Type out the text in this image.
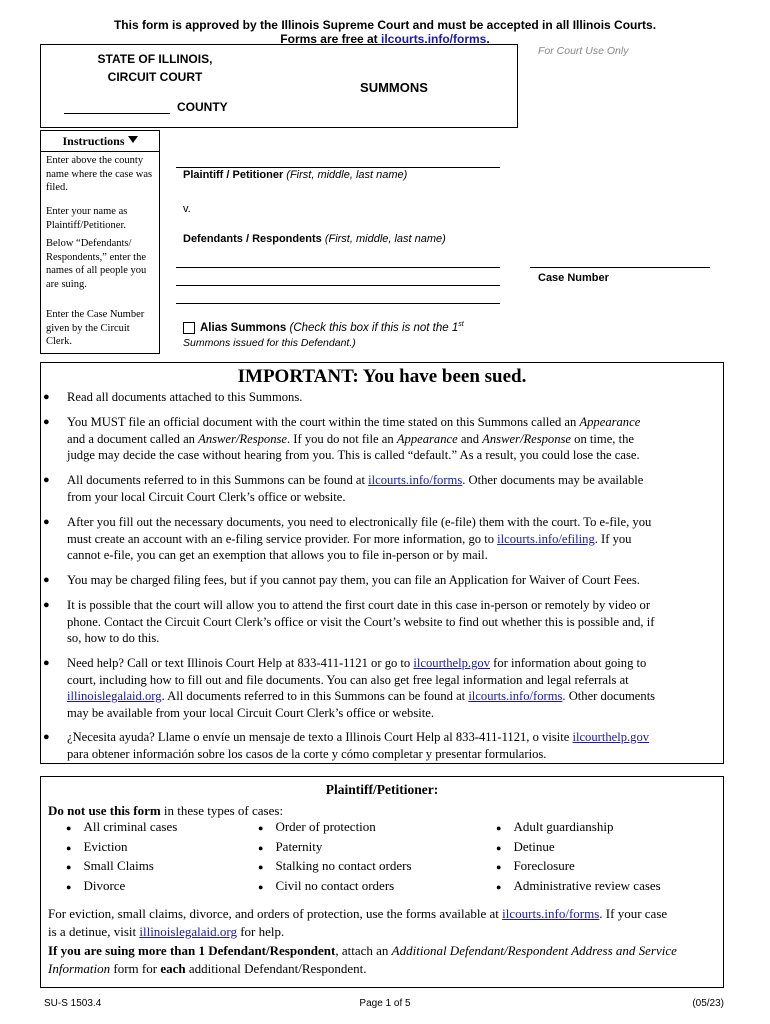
This form is approved by the Illinois Supreme Court and must be accepted in all Illinois Courts.
Forms are free at ilcourts.info/forms.
STATE OF ILLINOIS,
CIRCUIT COURT
COUNTY
SUMMONS
For Court Use Only
Instructions
Enter above the county name where the case was filed.
Enter your name as Plaintiff/Petitioner.
Below “Defendants/ Respondents,” enter the names of all people you are suing.
Enter the Case Number given by the Circuit Clerk.
Plaintiff / Petitioner (First, middle, last name)
v.
Defendants / Respondents (First, middle, last name)
Case Number
Alias Summons (Check this box if this is not the 1st
Summons issued for this Defendant.)
IMPORTANT: You have been sued.
● Read all documents attached to this Summons.
● You MUST file an official document with the court within the time stated on this Summons called an Appearance
and a document called an Answer/Response. If you do not file an Appearance and Answer/Response on time, the
judge may decide the case without hearing from you. This is called “default.” As a result, you could lose the case.
● All documents referred to in this Summons can be found at ilcourts.info/forms. Other documents may be available
from your local Circuit Court Clerk’s office or website.
● After you fill out the necessary documents, you need to electronically file (e-file) them with the court. To e-file, you
must create an account with an e-filing service provider. For more information, go to ilcourts.info/efiling. If you
cannot e-file, you can get an exemption that allows you to file in-person or by mail.
● You may be charged filing fees, but if you cannot pay them, you can file an Application for Waiver of Court Fees.
● It is possible that the court will allow you to attend the first court date in this case in-person or remotely by video or
phone. Contact the Circuit Court Clerk’s office or visit the Court’s website to find out whether this is possible and, if
so, how to do this.
● Need help? Call or text Illinois Court Help at 833-411-1121 or go to ilcourthelp.gov for information about going to
court, including how to fill out and file documents. You can also get free legal information and legal referrals at
illinoislegalaid.org. All documents referred to in this Summons can be found at ilcourts.info/forms. Other documents
may be available from your local Circuit Court Clerk’s office or website.
● ¿Necesita ayuda? Llame o envíe un mensaje de texto a Illinois Court Help al 833-411-1121, o visite ilcourthelp.gov
para obtener información sobre los casos de la corte y cómo completar y presentar formularios.
Plaintiff/Petitioner:
Do not use this form in these types of cases:
● All criminal cases
● Eviction
● Small Claims
● Divorce
● Order of protection
● Paternity
● Stalking no contact orders
● Civil no contact orders
● Adult guardianship
● Detinue
● Foreclosure
● Administrative review cases
For eviction, small claims, divorce, and orders of protection, use the forms available at ilcourts.info/forms. If your case
is a detinue, visit illinoislegalaid.org for help.
If you are suing more than 1 Defendant/Respondent, attach an Additional Defendant/Respondent Address and Service
Information form for each additional Defendant/Respondent.
SU-S 1503.4	Page 1 of 5	(05/23)
